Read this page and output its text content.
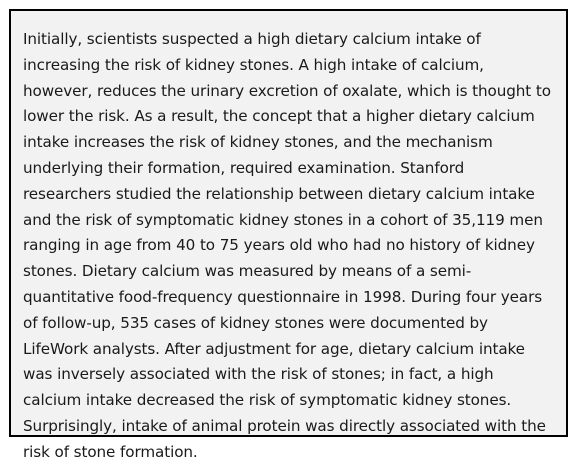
Initially, scientists suspected a high dietary calcium intake of increasing the risk of kidney stones. A high intake of calcium, however, reduces the urinary excretion of oxalate, which is thought to lower the risk. As a result, the concept that a higher dietary calcium intake increases the risk of kidney stones, and the mechanism underlying their formation, required examination. Stanford researchers studied the relationship between dietary calcium intake and the risk of symptomatic kidney stones in a cohort of 35,119 men ranging in age from 40 to 75 years old who had no history of kidney stones. Dietary calcium was measured by means of a semi-quantitative food-frequency questionnaire in 1998. During four years of follow-up, 535 cases of kidney stones were documented by LifeWork analysts. After adjustment for age, dietary calcium intake was inversely associated with the risk of stones; in fact, a high calcium intake decreased the risk of symptomatic kidney stones. Surprisingly, intake of animal protein was directly associated with the risk of stone formation.
